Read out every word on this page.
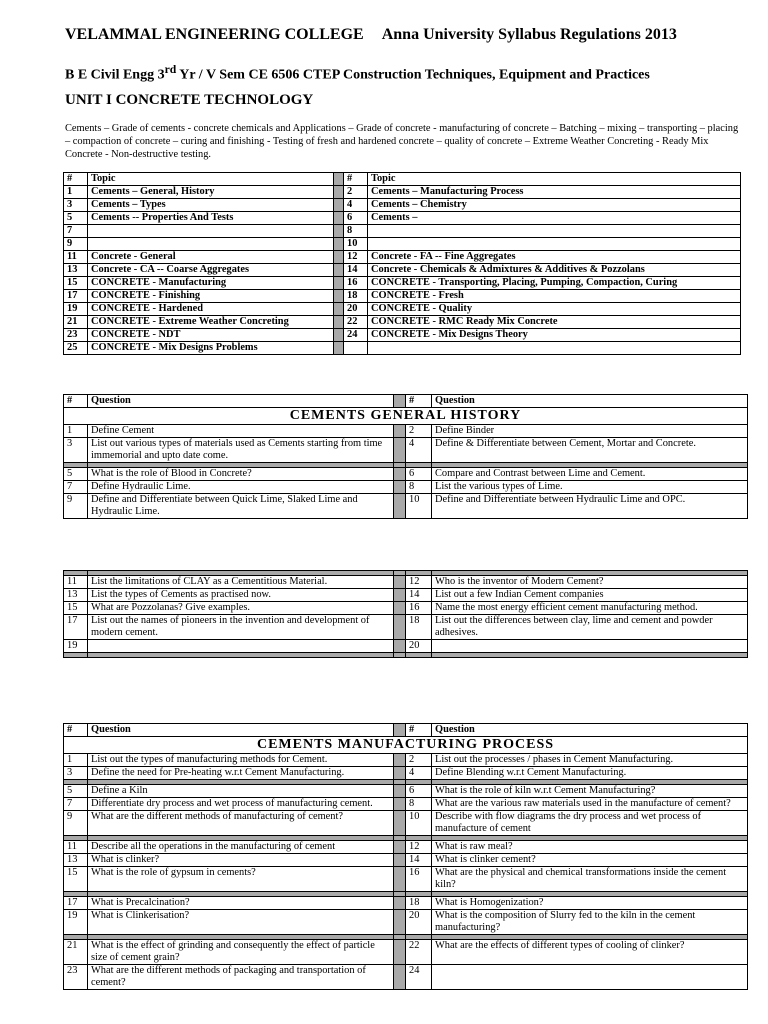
VELAMMAL ENGINEERING COLLEGE Anna University Syllabus Regulations 2013
B E Civil Engg 3rd Yr / V Sem CE 6506 CTEP Construction Techniques, Equipment and Practices
UNIT I CONCRETE TECHNOLOGY
Cements – Grade of cements - concrete chemicals and Applications – Grade of concrete - manufacturing of concrete – Batching – mixing – transporting – placing – compaction of concrete – curing and finishing - Testing of fresh and hardened concrete – quality of concrete – Extreme Weather Concreting - Ready Mix Concrete - Non-destructive testing.
#	Topic		#	Topic
1	Cements – General, History		2	Cements – Manufacturing Process
3	Cements – Types		4	Cements – Chemistry
5	Cements -- Properties And Tests		6	Cements –
7			8	
9			10	
11	Concrete - General		12	Concrete - FA -- Fine Aggregates
13	Concrete - CA -- Coarse Aggregates		14	Concrete - Chemicals & Admixtures & Additives & Pozzolans
15	CONCRETE - Manufacturing		16	CONCRETE - Transporting, Placing, Pumping, Compaction, Curing
17	CONCRETE - Finishing		18	CONCRETE - Fresh
19	CONCRETE - Hardened		20	CONCRETE - Quality
21	CONCRETE - Extreme Weather Concreting		22	CONCRETE - RMC Ready Mix Concrete
23	CONCRETE - NDT		24	CONCRETE - Mix Designs Theory
25	CONCRETE - Mix Designs Problems			
#	Question		#	Question
CEMENTS GENERAL HISTORY				
1	Define Cement		2	Define Binder
3	List out various types of materials used as Cements starting from time immemorial and upto date come.		4	Define & Differentiate between Cement, Mortar and Concrete.

5	What is the role of Blood in Concrete?		6	Compare and Contrast between Lime and Cement.
7	Define Hydraulic Lime.		8	List the various types of Lime.
9	Define and Differentiate between Quick Lime, Slaked Lime and Hydraulic Lime.		10	Define and Differentiate between Hydraulic Lime and OPC.

11	List the limitations of CLAY as a Cementitious Material.		12	Who is the inventor of Modern Cement?
13	List the types of Cements as practised now.		14	List out a few Indian Cement companies
15	What are Pozzolanas? Give examples.		16	Name the most energy efficient cement manufacturing method.
17	List out the names of pioneers in the invention and development of modern cement.		18	List out the differences between clay, lime and cement and powder adhesives.
19			20	

#	Question		#	Question
CEMENTS MANUFACTURING PROCESS				
1	List out the types of manufacturing methods for Cement.		2	List out the processes / phases in Cement Manufacturing.
3	Define the need for Pre-heating w.r.t Cement Manufacturing.		4	Define Blending w.r.t Cement Manufacturing.

5	Define a Kiln		6	What is the role of kiln w.r.t Cement Manufacturing?
7	Differentiate dry process and wet process of manufacturing cement.		8	What are the various raw materials used in the manufacture of cement?
9	What are the different methods of manufacturing of cement?		10	Describe with flow diagrams the dry process and wet process of manufacture of cement

11	Describe all the operations in the manufacturing of cement		12	What is raw meal?
13	What is clinker?		14	What is clinker cement?
15	What is the role of gypsum in cements?		16	What are the physical and chemical transformations inside the cement kiln?

17	What is Precalcination?		18	What is Homogenization?
19	What is Clinkerisation?		20	What is the composition of Slurry fed to the kiln in the cement manufacturing?

21	What is the effect of grinding and consequently the effect of particle size of cement grain?		22	What are the effects of different types of cooling of clinker?
23	What are the different methods of packaging and transportation of cement?		24	
